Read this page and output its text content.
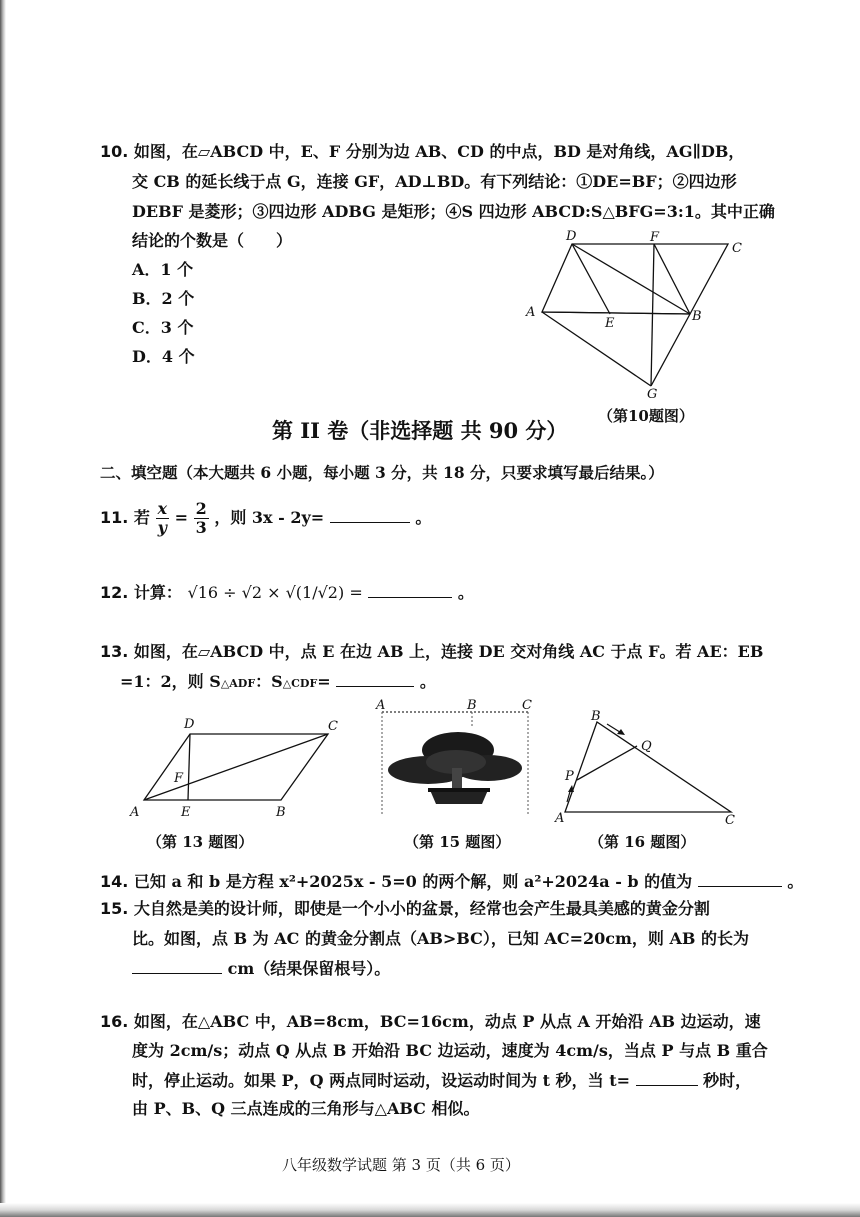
10. 如图，在▱ABCD 中，E、F 分别为边 AB、CD 的中点，BD 是对角线，AG∥DB，
交 CB 的延长线于点 G，连接 GF，AD⊥BD。有下列结论：①DE=BF；②四边形
DEBF 是菱形；③四边形 ADBG 是矩形；④S 四边形 ABCD:S△BFG=3:1。其中正确
结论的个数是（　　）
A．1 个
B．2 个
C．3 个
D．4 个
D	F
C
A
E	B
G
（第10题图）
第 II 卷（非选择题 共 90 分）
二、填空题（本大题共 6 小题，每小题 3 分，共 18 分，只要求填写最后结果。）
11. 若 $\frac{x}{y} = \frac{2}{3}$ ，则 3x - 2y=	。
12. 计算： √16 ÷ √2 × √(1/√2) =	。
13. 如图，在▱ABCD 中，点 E 在边 AB 上，连接 DE 交对角线 AC 于点 F。若 AE：EB
=1：2，则 S△ADF：S△CDF=	。
D	C
F
A	E	B
（第 13 题图）
A	B	C
（第 15 题图）
B
Q
P
A	C
（第 16 题图）
14. 已知 a 和 b 是方程 x²+2025x - 5=0 的两个解，则 a²+2024a - b 的值为	。
15. 大自然是美的设计师，即使是一个小小的盆景，经常也会产生最具美感的黄金分割
比。如图，点 B 为 AC 的黄金分割点（AB>BC），已知 AC=20cm，则 AB 的长为
cm（结果保留根号）。
16. 如图，在△ABC 中，AB=8cm，BC=16cm，动点 P 从点 A 开始沿 AB 边运动，速
度为 2cm/s；动点 Q 从点 B 开始沿 BC 边运动，速度为 4cm/s，当点 P 与点 B 重合
时，停止运动。如果 P，Q 两点同时运动，设运动时间为 t 秒，当 t=	秒时，
由 P、B、Q 三点连成的三角形与△ABC 相似。
八年级数学试题 第 3 页（共 6 页）
